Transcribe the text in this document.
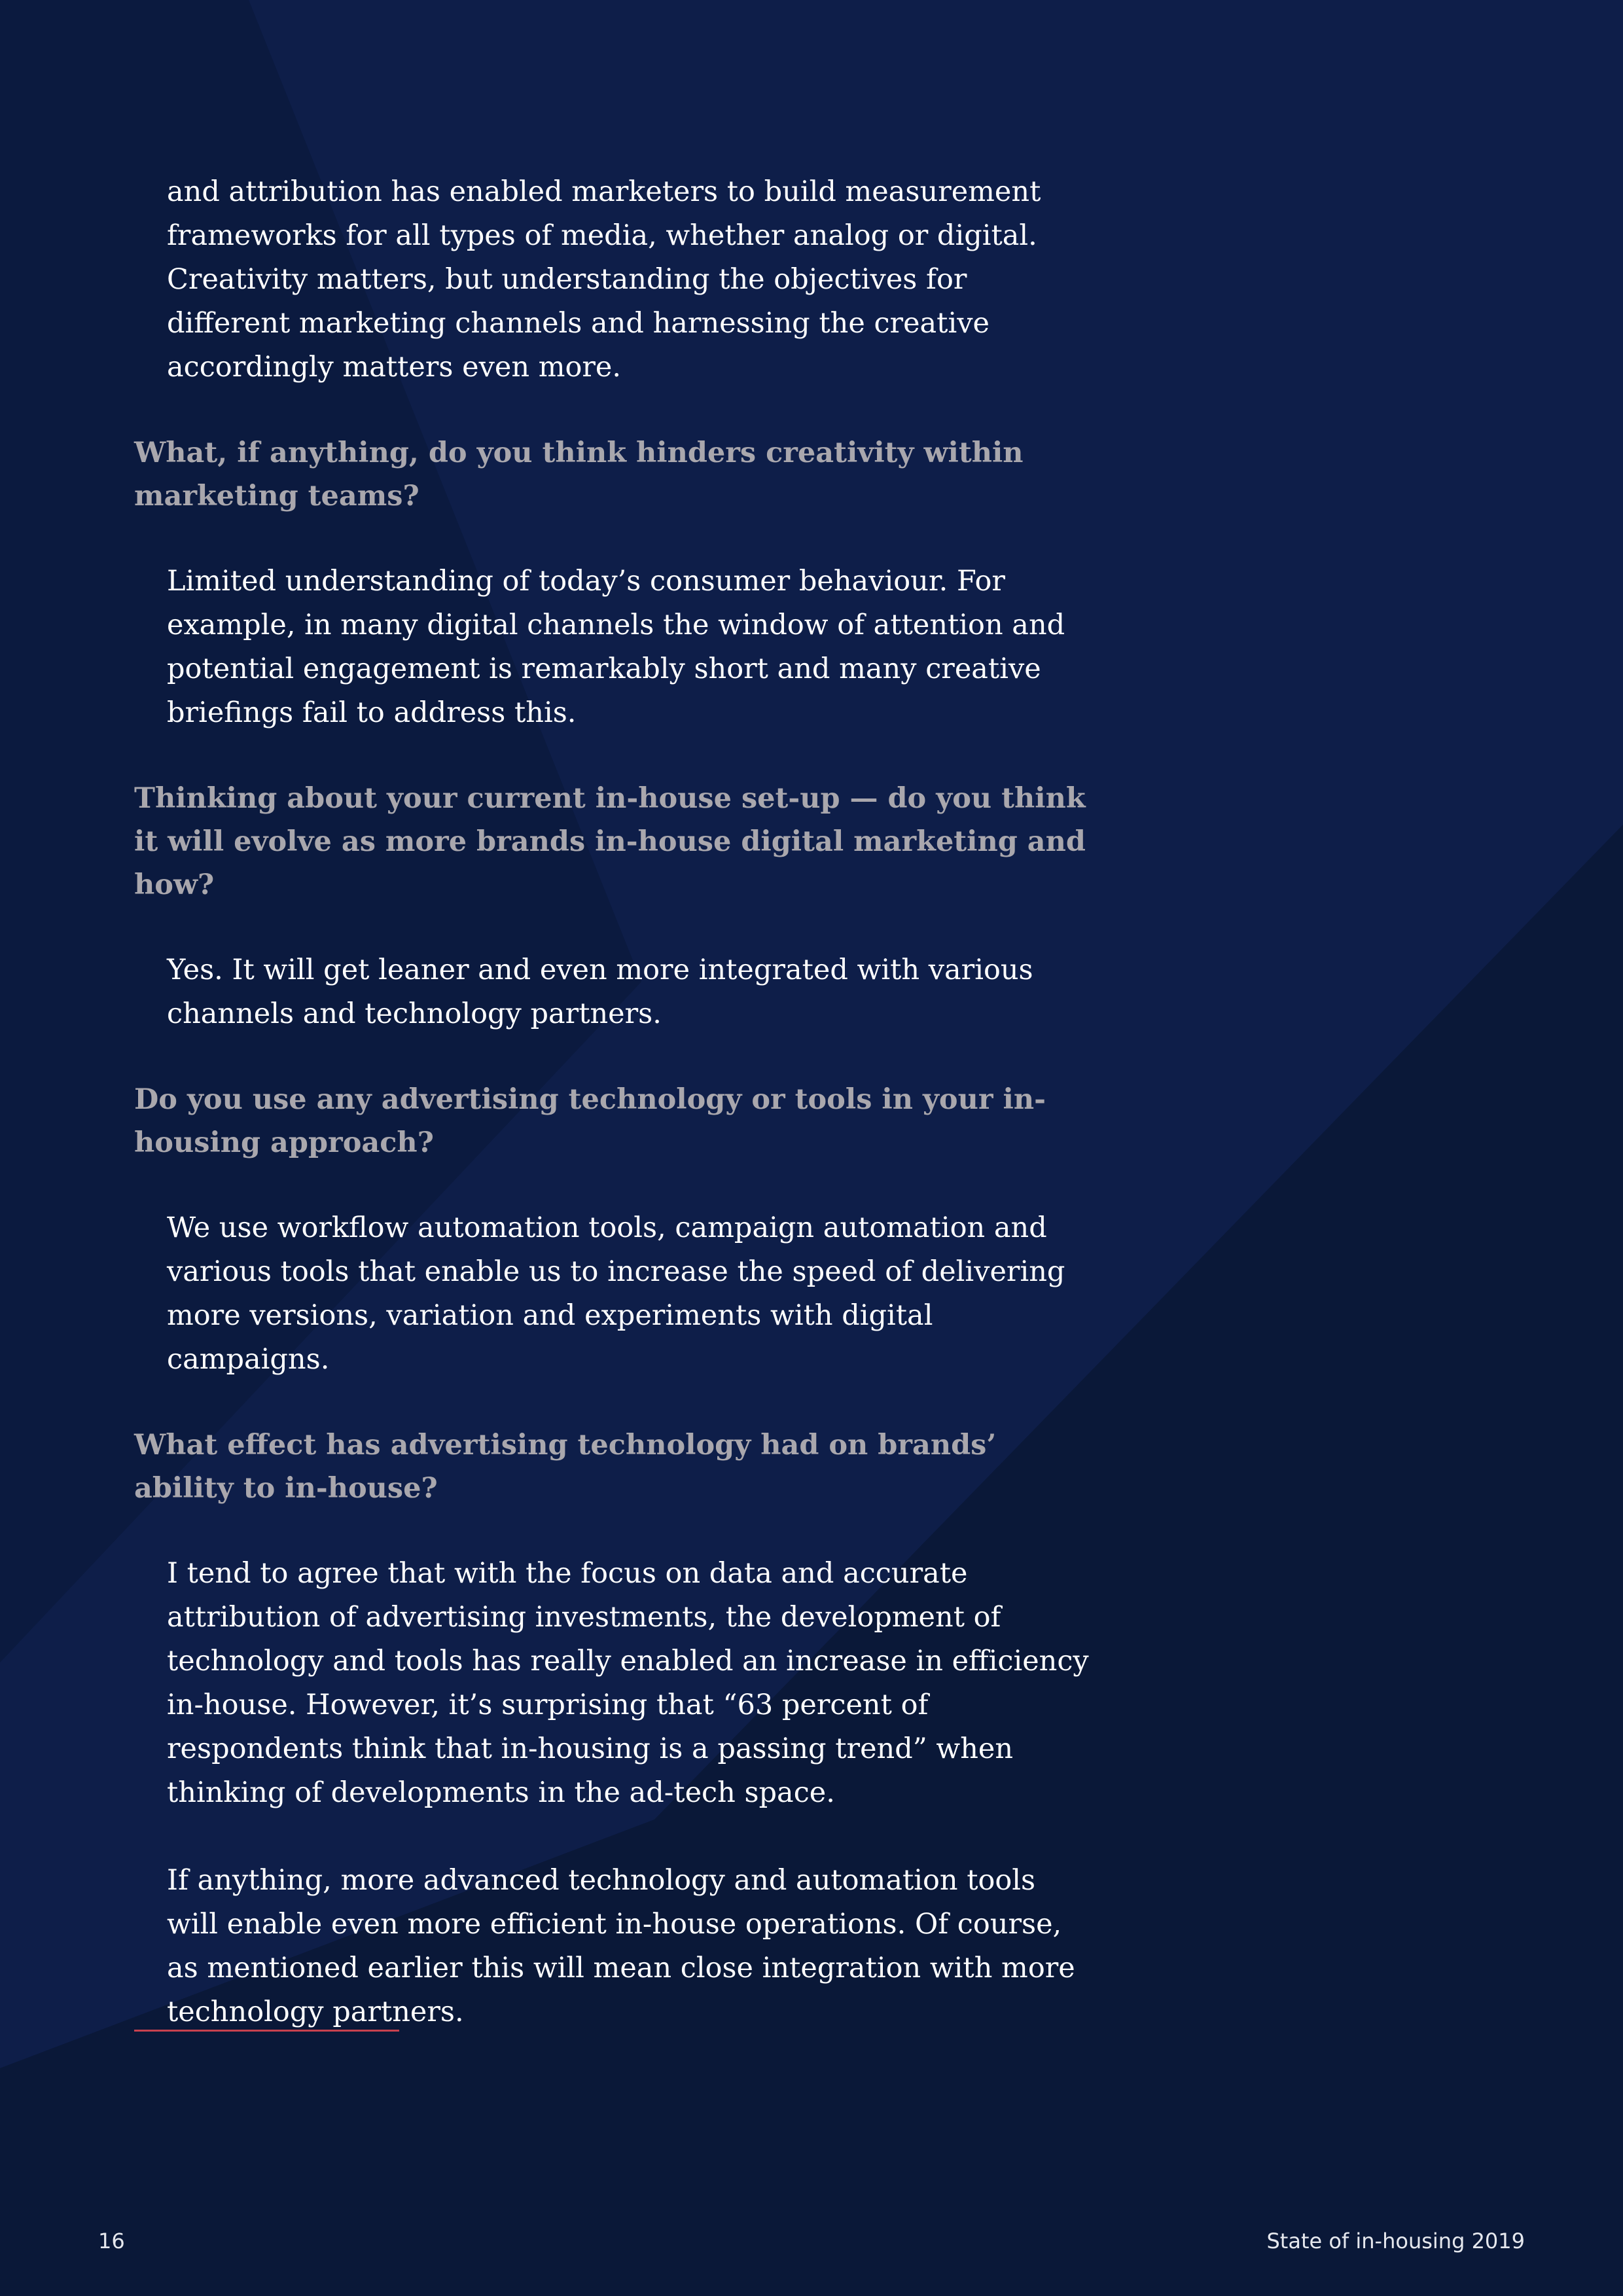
and attribution has enabled marketers to build measurement frameworks for all types of media, whether analog or digital. Creativity matters, but understanding the objectives for different marketing channels and harnessing the creative accordingly matters even more.

What, if anything, do you think hinders creativity within marketing teams?

Limited understanding of today’s consumer behaviour. For example, in many digital channels the window of attention and potential engagement is remarkably short and many creative briefings fail to address this.

Thinking about your current in-house set-up — do you think it will evolve as more brands in-house digital marketing and how?

Yes. It will get leaner and even more integrated with various channels and technology partners.

Do you use any advertising technology or tools in your in-housing approach?

We use workflow automation tools, campaign automation and various tools that enable us to increase the speed of delivering more versions, variation and experiments with digital campaigns.

What effect has advertising technology had on brands’ ability to in-house?

I tend to agree that with the focus on data and accurate attribution of advertising investments, the development of technology and tools has really enabled an increase in efficiency in-house. However, it’s surprising that “63 percent of respondents think that in-housing is a passing trend” when thinking of developments in the ad-tech space.

If anything, more advanced technology and automation tools will enable even more efficient in-house operations. Of course, as mentioned earlier this will mean close integration with more technology partners.

16	State of in-housing 2019
